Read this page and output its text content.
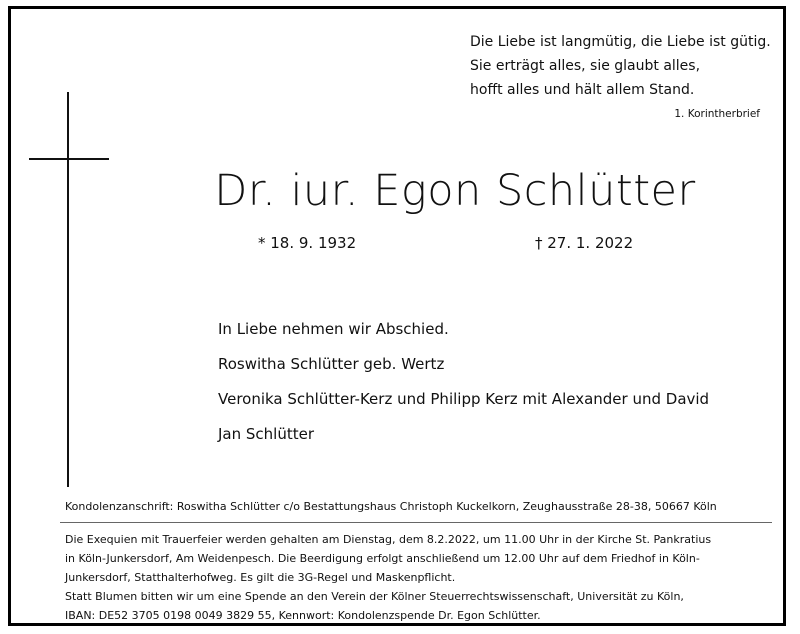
Die Liebe ist langmütig, die Liebe ist gütig.
Sie erträgt alles, sie glaubt alles,
hofft alles und hält allem Stand.
1. Korintherbrief
Dr. iur. Egon Schlütter
* 18. 9. 1932	† 27. 1. 2022
In Liebe nehmen wir Abschied.
Roswitha Schlütter geb. Wertz
Veronika Schlütter-Kerz und Philipp Kerz mit Alexander und David
Jan Schlütter
Kondolenzanschrift: Roswitha Schlütter c/o Bestattungshaus Christoph Kuckelkorn, Zeughausstraße 28-38, 50667 Köln
Die Exequien mit Trauerfeier werden gehalten am Dienstag, dem 8.2.2022, um 11.00 Uhr in der Kirche St. Pankratius
in Köln-Junkersdorf, Am Weidenpesch. Die Beerdigung erfolgt anschließend um 12.00 Uhr auf dem Friedhof in Köln-
Junkersdorf, Statthalterhofweg. Es gilt die 3G-Regel und Maskenpflicht.
Statt Blumen bitten wir um eine Spende an den Verein der Kölner Steuerrechtswissenschaft, Universität zu Köln,
IBAN: DE52 3705 0198 0049 3829 55, Kennwort: Kondolenzspende Dr. Egon Schlütter.
